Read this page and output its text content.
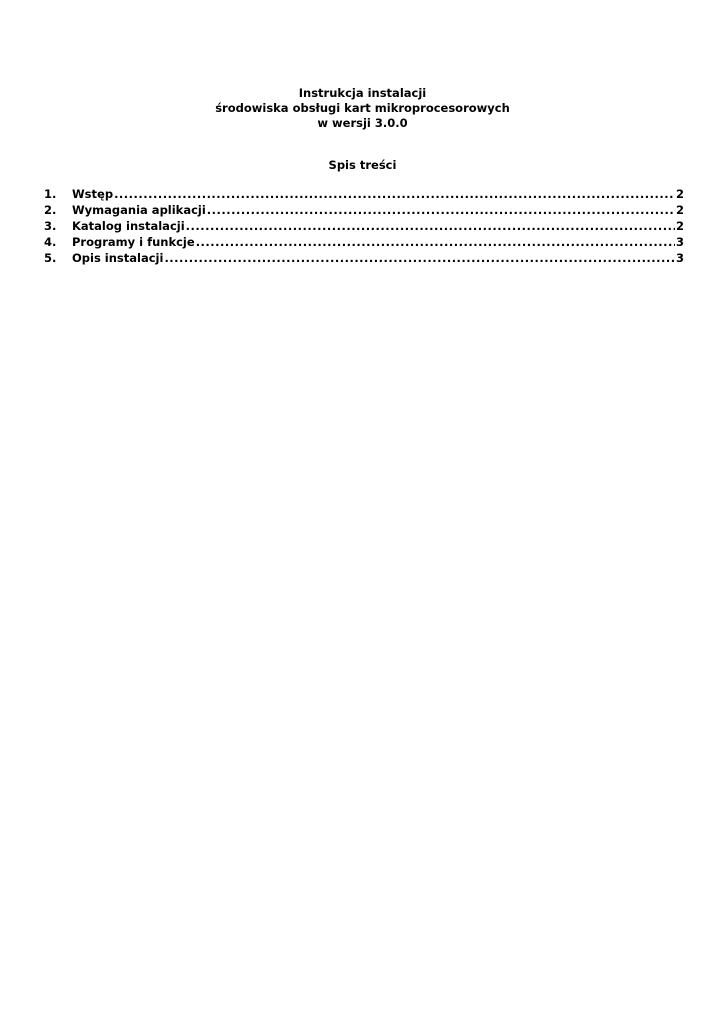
Instrukcja instalacji
środowiska obsługi kart mikroprocesorowych
w wersji 3.0.0
Spis treści
1.	Wstęp .....	2
2.	Wymagania aplikacji .....	2
3.	Katalog instalacji .....	2
4.	Programy i funkcje .....	3
5.	Opis instalacji .....	3
